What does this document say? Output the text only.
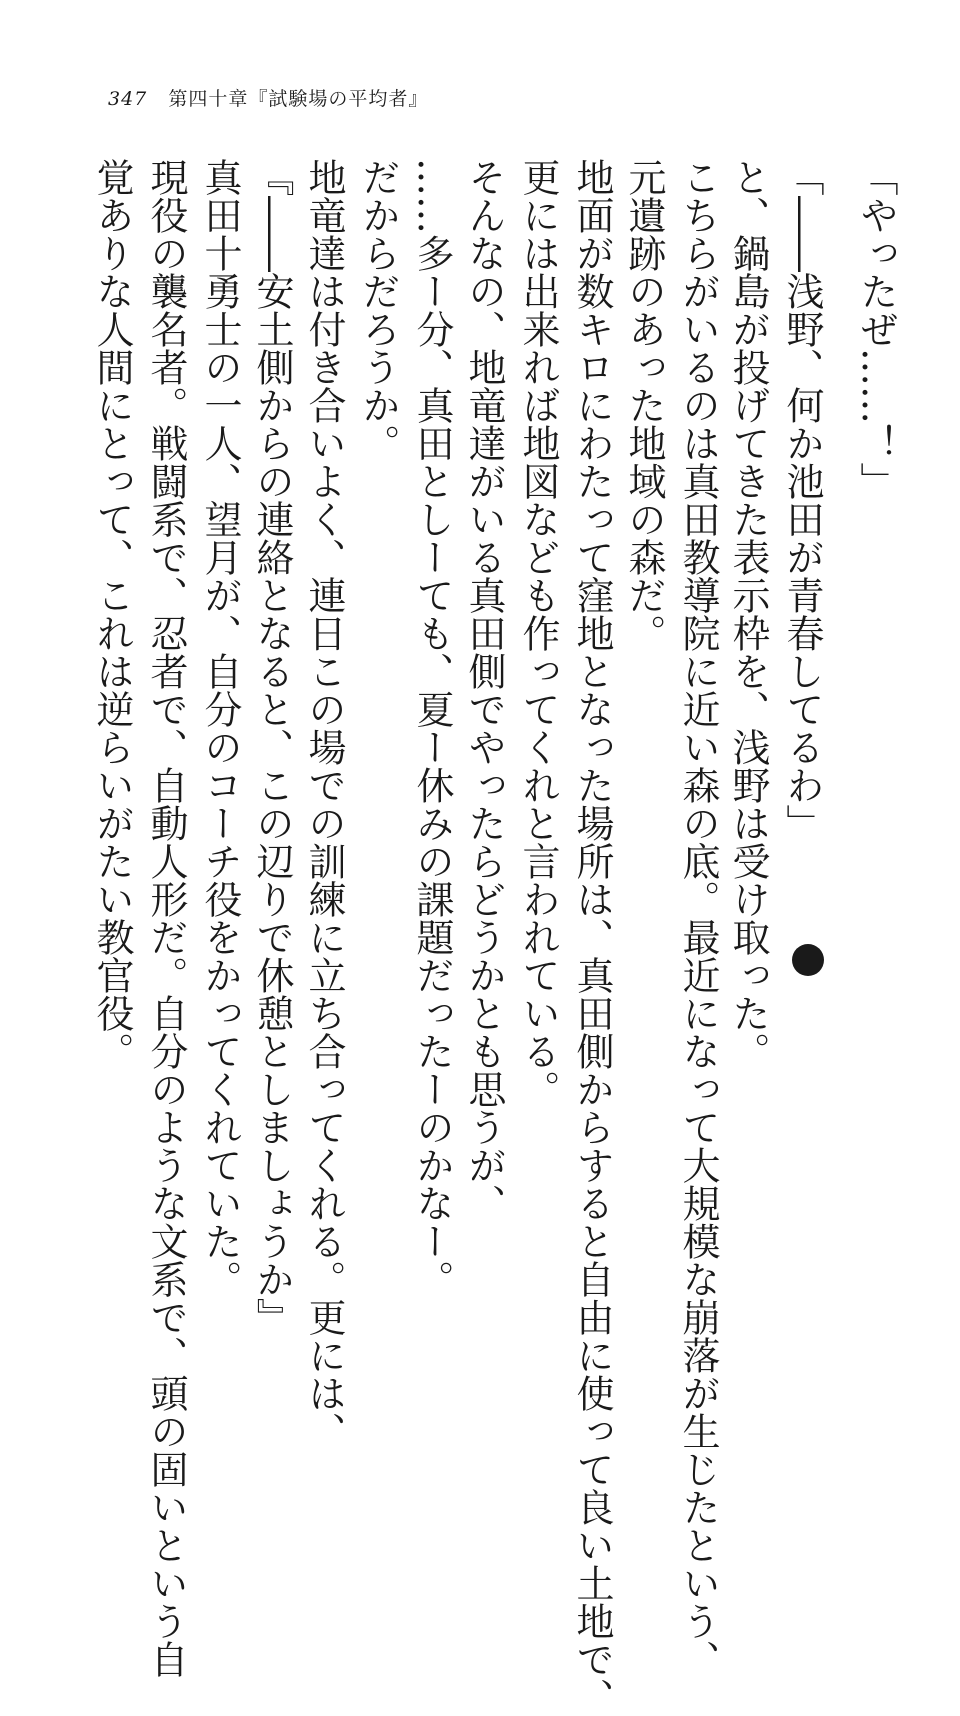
347 第四十章『試験場の平均者』

「やったぜ……！」

「――浅野、何か池田が青春してるわ」

と、鍋島が投げてきた表示枠を、浅野は受け取った。

こちらがいるのは真田教導院に近い森の底。最近になって大規模な崩落が生じたという、

元遺跡のあった地域の森だ。

地面が数キロにわたって窪地となった場所は、真田側からすると自由に使って良い土地で、

更には出来れば地図なども作ってくれと言われている。

そんなの、地竜達がいる真田側でやったらどうかとも思うが、

……多ー分、真田としーても、夏ー休みの課題だったーのかなー。

だからだろうか。

地竜達は付き合いよく、連日この場での訓練に立ち合ってくれる。更には、

『――安土側からの連絡となると、この辺りで休憩としましょうか』

真田十勇士の一人、望月が、自分のコーチ役をかってくれていた。

現役の襲名者。戦闘系で、忍者で、自動人形だ。自分のような文系で、頭の固いという自

覚ありな人間にとって、これは逆らいがたい教官役。
